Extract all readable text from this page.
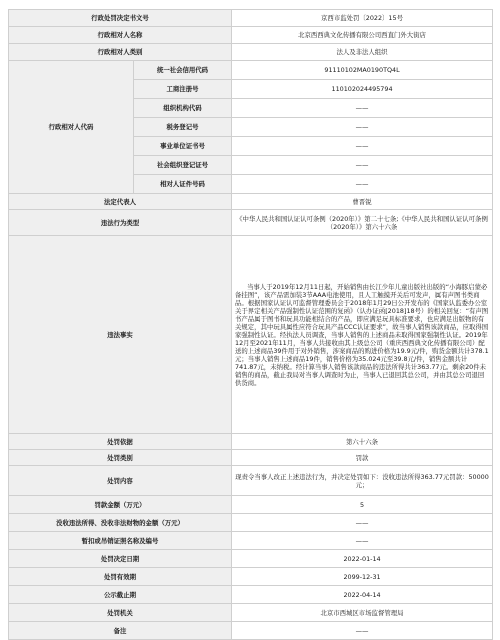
行政处罚决定书文号		京西市监处罚〔2022〕15号
行政相对人名称		北京西西典文化传播有限公司西直门外大街店
行政相对人类别		法人及非法人组织
行政相对人代码	统一社会信用代码	91110102MA0190TQ4L
	工商注册号	110102024495794
	组织机构代码	——
	税务登记号	——
	事业单位证书号	——
	社会组织登记证号	——
	相对人证件号码	——
法定代表人		曹晋锐
违法行为类型		《中华人民共和国认证认可条例（2020年）》第二十七条;《中华人民共和国认证认可条例（2020年）》第六十六条
违法事实		当事人于2019年12月11日起，开始销售由长江少年儿童出版社出版的“小海豚启蒙必备挂图”，该产品需加装3节AAA电池使用，且人工触摸开关后可发声，属有声图书类商品。根据国家认证认可监督管理委员会于2018年1月29日公开发布的《国家认监委办公室关于界定相关产品强制性认证范围的复函》（认办证函[2018]18号）的相关回复：“有声图书产品属于图书和玩具功能相结合的产品，即应满足玩具标准要求，也应满足出版物的有关规定，其中玩具属性应符合玩具产品CCC认证要求”，故当事人销售该款商品，应取得国家强制性认证。经执法人员调查，当事人销售的上述商品未取得国家强制性认证。2019年12月至2021年11月，当事人共接收由其上级总公司（重庆西西典文化传播有限公司）配送的上述商品39件用于对外销售，涉案商品的购进价格为19.9元/件，购货金额共计378.1元；当事人销售上述商品19件，销售价格为35.024元至39.8元/件，销售金额共计741.87元，未纳税。经计算当事人销售该款商品的违法所得共计363.77元。剩余20件未销售的商品，截止我局对当事人调查时为止，当事人已退回其总公司，并由其总公司退回供货商。
处罚依据		第六十六条
处罚类别		罚款
处罚内容		现责令当事人改正上述违法行为，并决定处罚如下：没收违法所得363.77元罚款：50000元；
罚款金额（万元）		5
没收违法所得、没收非法财物的金额（万元）		——
暂扣或吊销证照名称及编号		——
处罚决定日期		2022-01-14
处罚有效期		2099-12-31
公示截止期		2022-04-14
处罚机关		北京市西城区市场监督管理局
备注		——
